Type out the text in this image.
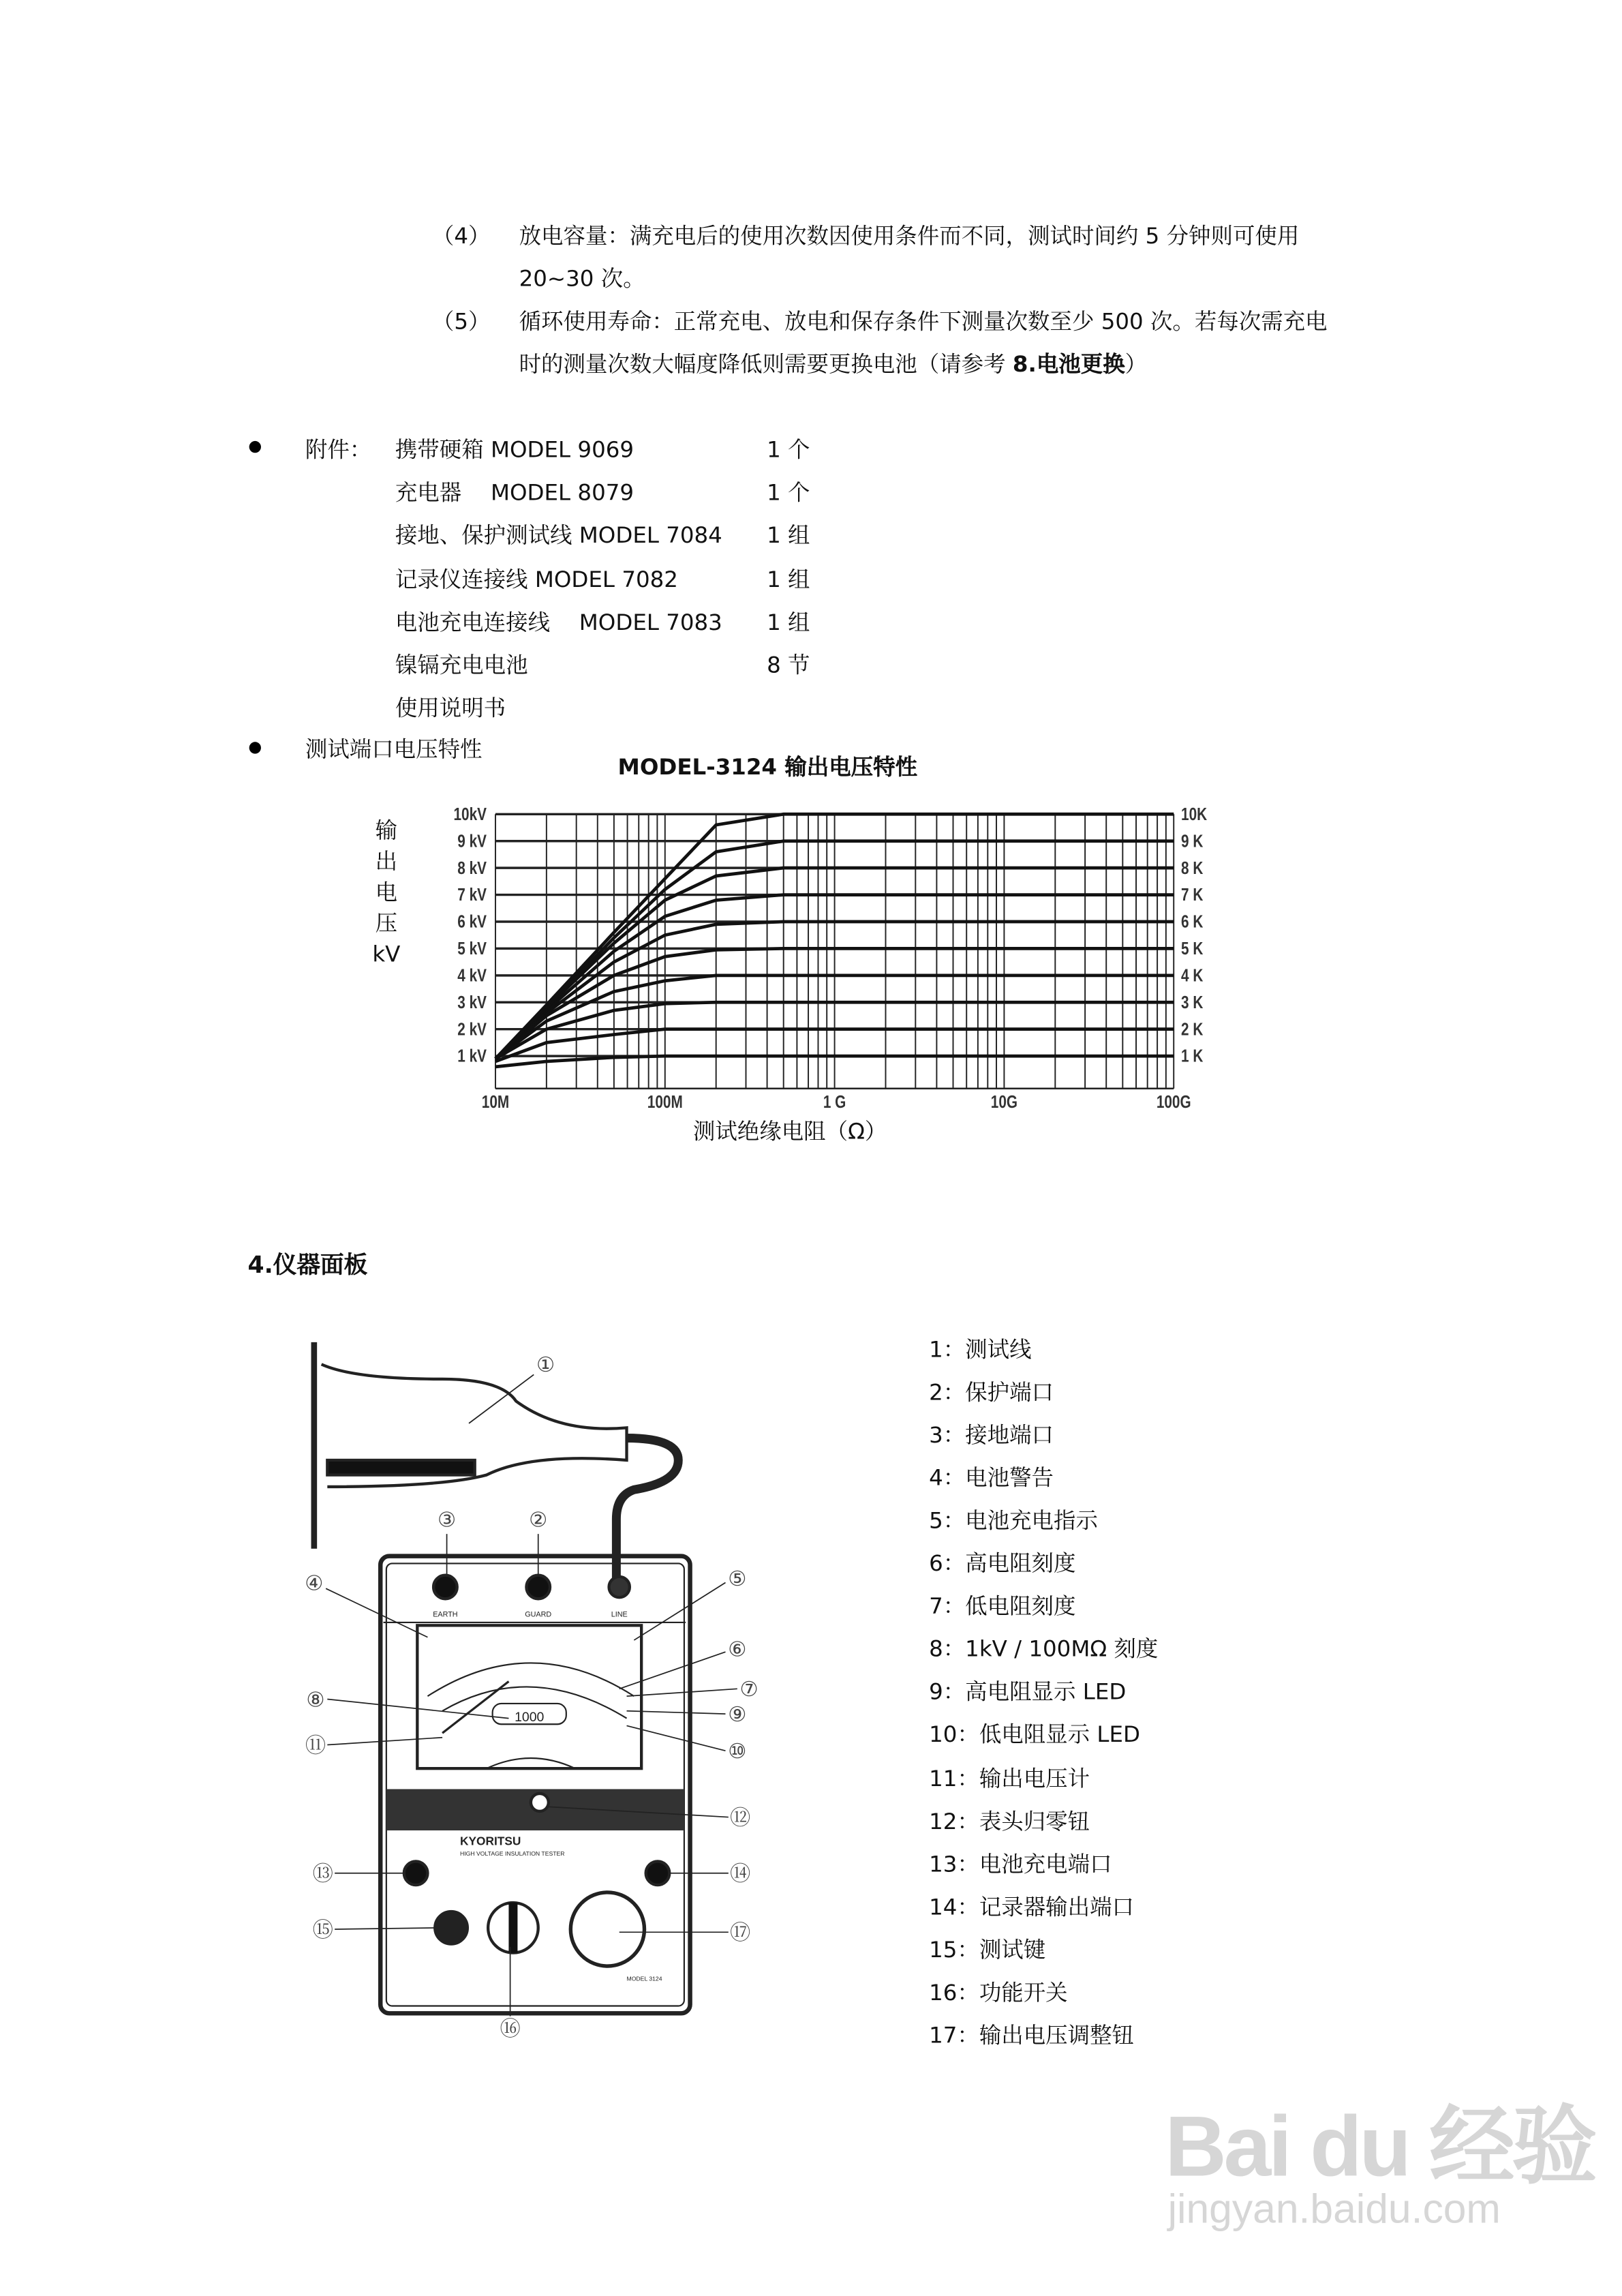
（4）	放电容量：满充电后的使用次数因使用条件而不同，测试时间约 5 分钟则可使用
20~30 次。
（5）	循环使用寿命：正常充电、放电和保存条件下测量次数至少 500 次。若每次需充电
时的测量次数大幅度降低则需要更换电池（请参考 8.电池更换）
附件： 携带硬箱 MODEL 9069	1 个
充电器　 MODEL 8079	1 个
接地、保护测试线 MODEL 7084	1 组
记录仪连接线 MODEL 7082	1 组
电池充电连接线　 MODEL 7083	1 组
镍镉充电电池	8 节
使用说明书
测试端口电压特性
MODEL-3124 输出电压特性
输
出
电
压
kV
1 kV
2 kV
3 kV
4 kV
5 kV
6 kV
7 kV
8 kV
9 kV
10kV
1 K
2 K
3 K
4 K
5 K
6 K
7 K
8 K
9 K
10K
10M	100M	1 G	10G	100G
测试绝缘电阻（Ω）
4.仪器面板
EARTH	GUARD	LINE
1000
KYORITSU
HIGH VOLTAGE INSULATION TESTER
MODEL 3124
①
②
③
④	⑤
⑥
⑦
⑧
⑨
⑩
⑪
⑫
⑬	⑭
⑮
⑯
⑰
1：测试线
2：保护端口
3：接地端口
4：电池警告
5：电池充电指示
6：高电阻刻度
7：低电阻刻度
8：1kV / 100MΩ 刻度
9：高电阻显示 LED
10：低电阻显示 LED
11：输出电压计
12：表头归零钮
13：电池充电端口
14：记录器输出端口
15：测试键
16：功能开关
17：输出电压调整钮
Bai du 经验
jingyan.baidu.com
